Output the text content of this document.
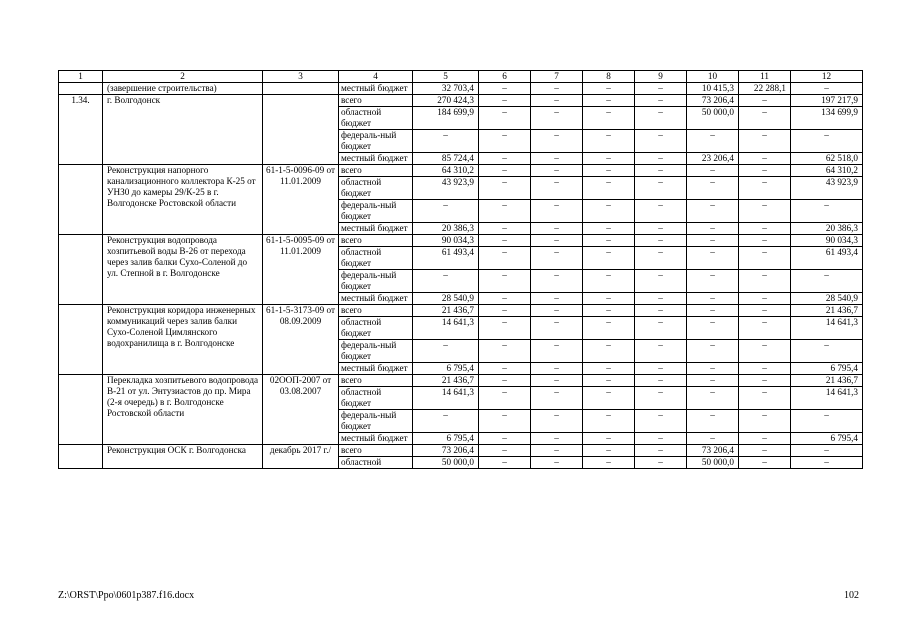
1	2	3	4	5	6	7	8	9	10	11	12
	(завершение строительства)		местный бюджет	32 703,4	–	–	–	–	10 415,3	22 288,1	–
1.34.	г. Волгодонск		всего	270 424,3	–	–	–	–	73 206,4	–	197 217,9
			областной бюджет	184 699,9	–	–	–	–	50 000,0	–	134 699,9
			федераль-ный бюджет	–	–	–	–	–	–	–	–
			местный бюджет	85 724,4	–	–	–	–	23 206,4	–	62 518,0
	Реконструкция напорного канализационного коллектора К-25 от УНЗ0 до камеры 29/К-25 в г. Волгодонске Ростовской области	61-1-5-0096-09 от 11.01.2009	всего	64 310,2	–	–	–	–	–	–	64 310,2
			областной бюджет	43 923,9	–	–	–	–	–	–	43 923,9
			федераль-ный бюджет	–	–	–	–	–	–	–	–
			местный бюджет	20 386,3	–	–	–	–	–	–	20 386,3
	Реконструкция водопровода хозпитьевой воды В-26 от перехода через залив балки Сухо-Соленой до ул. Степной в г. Волгодонске	61-1-5-0095-09 от 11.01.2009	всего	90 034,3	–	–	–	–	–	–	90 034,3
			областной бюджет	61 493,4	–	–	–	–	–	–	61 493,4
			федераль-ный бюджет	–	–	–	–	–	–	–	–
			местный бюджет	28 540,9	–	–	–	–	–	–	28 540,9
	Реконструкция коридора инженерных коммуникаций через залив балки Сухо-Соленой Цимлянского водохранилища в г. Волгодонске	61-1-5-3173-09 от 08.09.2009	всего	21 436,7	–	–	–	–	–	–	21 436,7
			областной бюджет	14 641,3	–	–	–	–	–	–	14 641,3
			федераль-ный бюджет	–	–	–	–	–	–	–	–
			местный бюджет	6 795,4	–	–	–	–	–	–	6 795,4
	Перекладка хозпитьевого водопровода В-21 от ул. Энтузиастов до пр. Мира (2-я очередь) в г. Волгодонске Ростовской области	02ООП-2007 от 03.08.2007	всего	21 436,7	–	–	–	–	–	–	21 436,7
			областной бюджет	14 641,3	–	–	–	–	–	–	14 641,3
			федераль-ный бюджет	–	–	–	–	–	–	–	–
			местный бюджет	6 795,4	–	–	–	–	–	–	6 795,4
	Реконструкция ОСК г. Волгодонска	декабрь 2017 г./	всего	73 206,4	–	–	–	–	73 206,4	–	–
			областной	50 000,0	–	–	–	–	50 000,0	–	–
Z:\ORST\Ppo\0601p387.f16.docx	102
